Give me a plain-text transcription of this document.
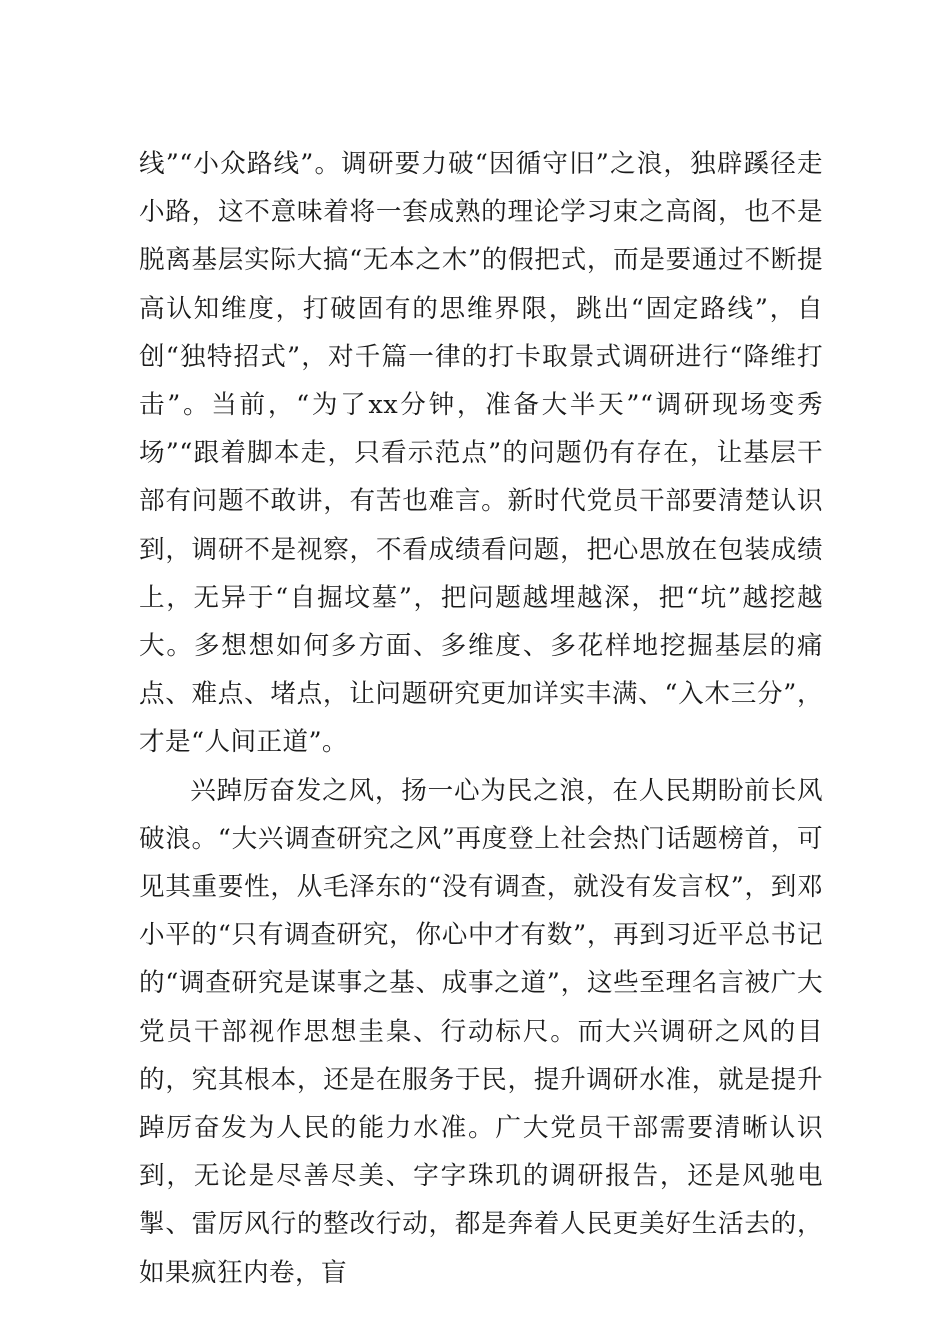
线”“小众路线”。调研要力破“因循守旧”之浪，独辟蹊径走小路，这不意味着将一套成熟的理论学习束之高阁，也不是脱离基层实际大搞“无本之木”的假把式，而是要通过不断提高认知维度，打破固有的思维界限，跳出“固定路线”，自创“独特招式”，对千篇一律的打卡取景式调研进行“降维打击”。当前，“为了xx分钟，准备大半天”“调研现场变秀场”“跟着脚本走，只看示范点”的问题仍有存在，让基层干部有问题不敢讲，有苦也难言。新时代党员干部要清楚认识到，调研不是视察，不看成绩看问题，把心思放在包装成绩上，无异于“自掘坟墓”，把问题越埋越深，把“坑”越挖越大。多想想如何多方面、多维度、多花样地挖掘基层的痛点、难点、堵点，让问题研究更加详实丰满、“入木三分”，才是“人间正道”。

兴踔厉奋发之风，扬一心为民之浪，在人民期盼前长风破浪。“大兴调查研究之风”再度登上社会热门话题榜首，可见其重要性，从毛泽东的“没有调查，就没有发言权”，到邓小平的“只有调查研究，你心中才有数”，再到习近平总书记的“调查研究是谋事之基、成事之道”，这些至理名言被广大党员干部视作思想圭臬、行动标尺。而大兴调研之风的目的，究其根本，还是在服务于民，提升调研水准，就是提升踔厉奋发为人民的能力水准。广大党员干部需要清晰认识到，无论是尽善尽美、字字珠玑的调研报告，还是风驰电掣、雷厉风行的整改行动，都是奔着人民更美好生活去的，如果疯狂内卷，盲
